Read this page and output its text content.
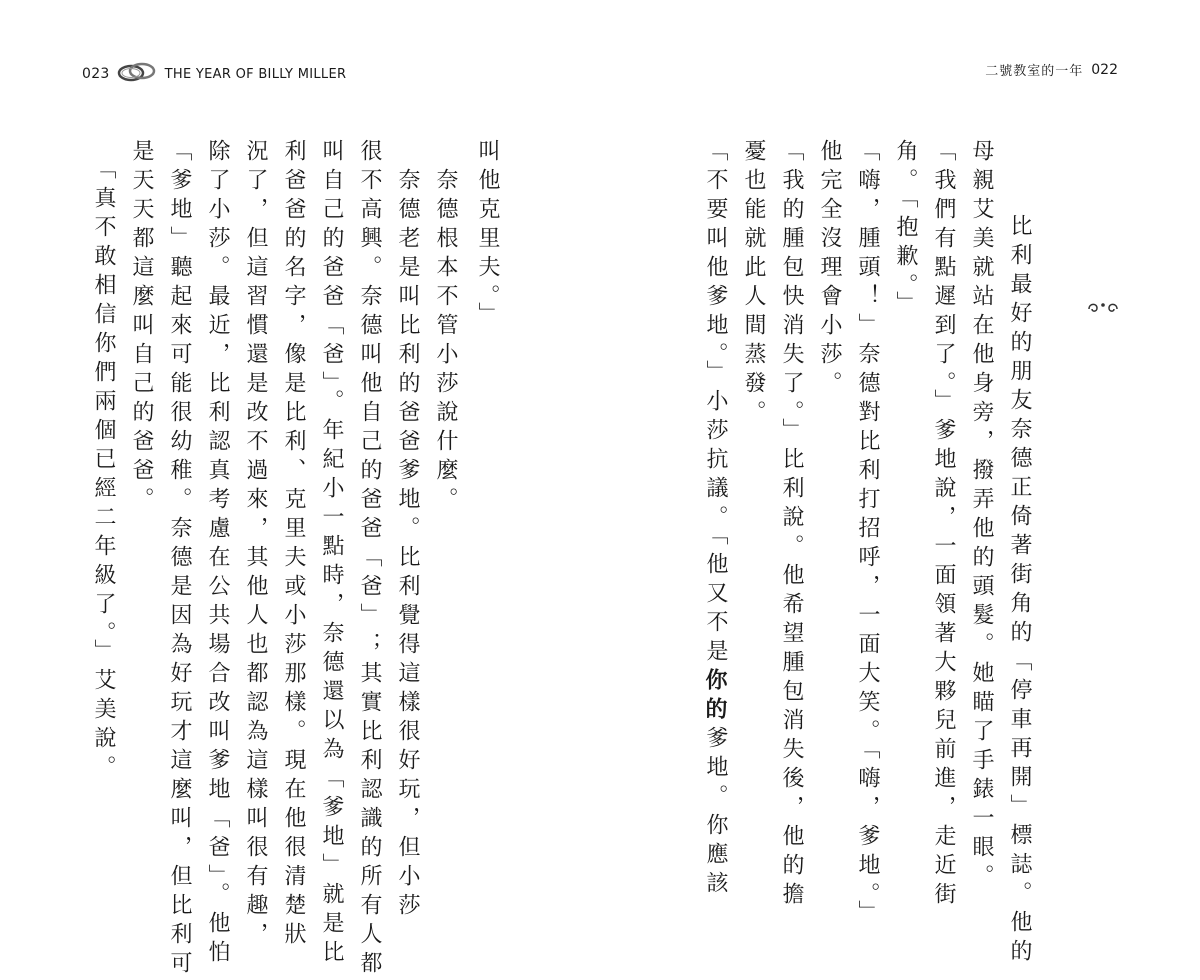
023	THE YEAR OF BILLY MILLER
叫他克里夫。」
　奈德根本不管小莎說什麼。
　奈德老是叫比利的爸爸爹地。比利覺得這樣很好玩，但小莎
很不高興。奈德叫他自己的爸爸「爸」；其實比利認識的所有人都
叫自己的爸爸「爸」。年紀小一點時，奈德還以為「爹地」就是比
利爸爸的名字，像是比利、克里夫或小莎那樣。現在他很清楚狀
況了，但這習慣還是改不過來，其他人也都認為這樣叫很有趣，
除了小莎。最近，比利認真考慮在公共場合改叫爹地「爸」。他怕
「爹地」聽起來可能很幼稚。奈德是因為好玩才這麼叫，但比利可
是天天都這麼叫自己的爸爸。
　「真不敢相信你們兩個已經二年級了。」艾美說。
二號教室的一年 022
　比利最好的朋友奈德正倚著街角的「停車再開」標誌。他的
母親艾美就站在他身旁，撥弄他的頭髮。她瞄了手錶一眼。
「我們有點遲到了。」爹地說，一面領著大夥兒前進，走近街
角。「抱歉。」
「嗨，腫頭！」奈德對比利打招呼，一面大笑。「嗨，爹地。」
他完全沒理會小莎。
「我的腫包快消失了。」比利說。他希望腫包消失後，他的擔
憂也能就此人間蒸發。
「不要叫他爹地。」小莎抗議。「他又不是你的爹地。你應該
